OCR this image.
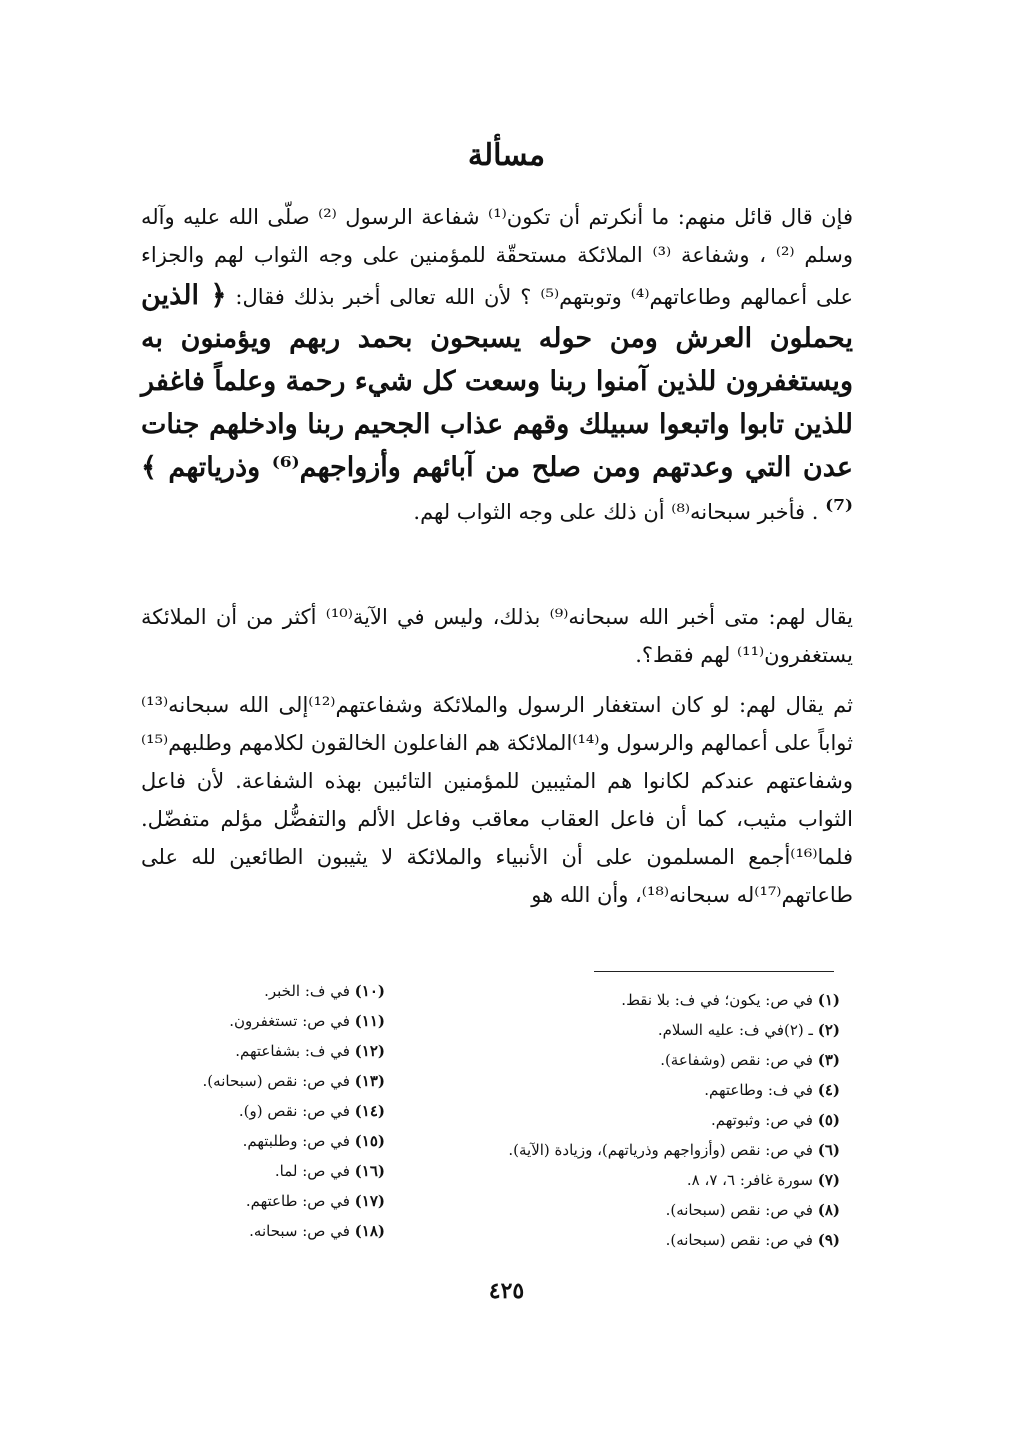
مسألة

فإن قال قائل منهم: ما أنكرتم أن تكون⁽¹⁾ شفاعة الرسول ⁽²⁾ صلّى الله عليه وآله وسلم ⁽²⁾ ، وشفاعة ⁽³⁾ الملائكة مستحقّة للمؤمنين على وجه الثواب لهم والجزاء على أعمالهم وطاعاتهم⁽⁴⁾ وتوبتهم⁽⁵⁾ ؟ لأن الله تعالى أخبر بذلك فقال: ﴿ الذين يحملون العرش ومن حوله يسبحون بحمد ربهم ويؤمنون به ويستغفرون للذين آمنوا ربنا وسعت كل شيء رحمة وعلماً فاغفر للذين تابوا واتبعوا سبيلك وقهم عذاب الجحيم ربنا وادخلهم جنات عدن التي وعدتهم ومن صلح من آبائهم وأزواجهم⁽⁶⁾ وذرياتهم ﴾⁽⁷⁾ . فأخبر سبحانه⁽⁸⁾ أن ذلك على وجه الثواب لهم.

يقال لهم: متى أخبر الله سبحانه⁽⁹⁾ بذلك، وليس في الآية⁽¹⁰⁾ أكثر من أن الملائكة يستغفرون⁽¹¹⁾ لهم فقط؟.

ثم يقال لهم: لو كان استغفار الرسول والملائكة وشفاعتهم⁽¹²⁾إلى الله سبحانه⁽¹³⁾ثواباً على أعمالهم والرسول و⁽¹⁴⁾الملائكة هم الفاعلون الخالقون لكلامهم وطلبهم⁽¹⁵⁾ وشفاعتهم عندكم لكانوا هم المثيبين للمؤمنين التائبين بهذه الشفاعة. لأن فاعل الثواب مثيب، كما أن فاعل العقاب معاقب وفاعل الألم والتفضُّل مؤلم متفضّل. فلما⁽¹⁶⁾أجمع المسلمون على أن الأنبياء والملائكة لا يثيبون الطائعين لله على طاعاتهم⁽¹⁷⁾له سبحانه⁽¹⁸⁾، وأن الله هو

(١) في ص: يكون؛ في ف: بلا نقط.
(٢) ـ (٢)في ف: عليه السلام.
(٣) في ص: نقص (وشفاعة).
(٤) في ف: وطاعتهم.
(٥) في ص: وثبوتهم.
(٦) في ص: نقص (وأزواجهم وذرياتهم)، وزيادة (الآية).
(٧) سورة غافر: ٦، ٧، ٨.
(٨) في ص: نقص (سبحانه).
(٩) في ص: نقص (سبحانه).
(١٠) في ف: الخبر.
(١١) في ص: تستغفرون.
(١٢) في ف: بشفاعتهم.
(١٣) في ص: نقص (سبحانه).
(١٤) في ص: نقص (و).
(١٥) في ص: وطلبتهم.
(١٦) في ص: لما.
(١٧) في ص: طاعتهم.
(١٨) في ص: سبحانه.
٤٢٥
